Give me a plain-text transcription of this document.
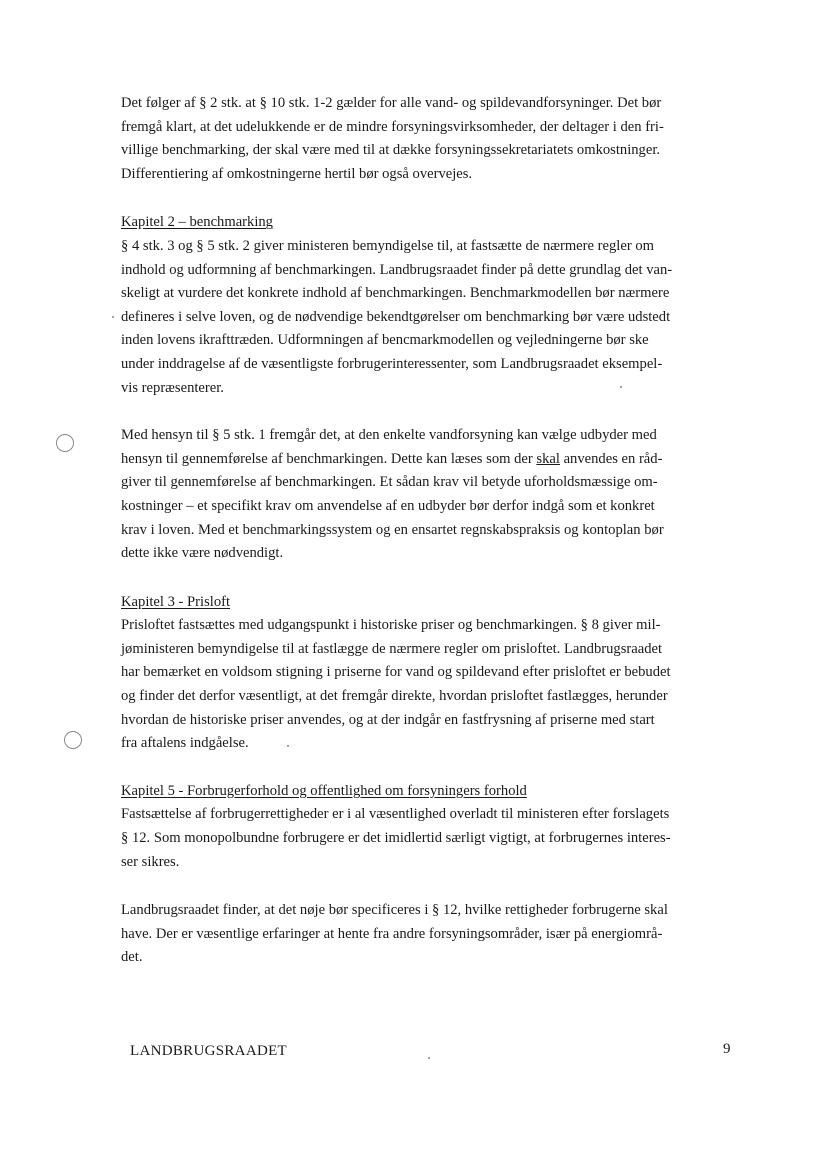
Det følger af § 2 stk. at § 10 stk. 1-2 gælder for alle vand- og spildevandforsyninger. Det bør
fremgå klart, at det udelukkende er de mindre forsyningsvirksomheder, der deltager i den fri-
villige benchmarking, der skal være med til at dække forsyningssekretariatets omkostninger.
Differentiering af omkostningerne hertil bør også overvejes.
Kapitel 2 – benchmarking
§ 4 stk. 3 og § 5 stk. 2 giver ministeren bemyndigelse til, at fastsætte de nærmere regler om
indhold og udformning af benchmarkingen. Landbrugsraadet finder på dette grundlag det van-
skeligt at vurdere det konkrete indhold af benchmarkingen. Benchmarkmodellen bør nærmere
defineres i selve loven, og de nødvendige bekendtgørelser om benchmarking bør være udstedt
inden lovens ikrafttræden. Udformningen af bencmarkmodellen og vejledningerne bør ske
under inddragelse af de væsentligste forbrugerinteressenter, som Landbrugsraadet eksempel-
vis repræsenterer.
Med hensyn til § 5 stk. 1 fremgår det, at den enkelte vandforsyning kan vælge udbyder med
hensyn til gennemførelse af benchmarkingen. Dette kan læses som der skal anvendes en råd-
giver til gennemførelse af benchmarkingen. Et sådan krav vil betyde uforholdsmæssige om-
kostninger – et specifikt krav om anvendelse af en udbyder bør derfor indgå som et konkret
krav i loven. Med et benchmarkingssystem og en ensartet regnskabspraksis og kontoplan bør
dette ikke være nødvendigt.
Kapitel 3 - Prisloft
Prisloftet fastsættes med udgangspunkt i historiske priser og benchmarkingen. § 8 giver mil-
jøministeren bemyndigelse til at fastlægge de nærmere regler om prisloftet. Landbrugsraadet
har bemærket en voldsom stigning i priserne for vand og spildevand efter prisloftet er bebudet
og finder det derfor væsentligt, at det fremgår direkte, hvordan prisloftet fastlægges, herunder
hvordan de historiske priser anvendes, og at der indgår en fastfrysning af priserne med start
fra aftalens indgåelse.
Kapitel 5 - Forbrugerforhold og offentlighed om forsyningers forhold
Fastsættelse af forbrugerrettigheder er i al væsentlighed overladt til ministeren efter forslagets
§ 12. Som monopolbundne forbrugere er det imidlertid særligt vigtigt, at forbrugernes interes-
ser sikres.
Landbrugsraadet finder, at det nøje bør specificeres i § 12, hvilke rettigheder forbrugerne skal
have. Der er væsentlige erfaringer at hente fra andre forsyningsområder, især på energiområ-
det.
LANDBRUGSRAADET	9
